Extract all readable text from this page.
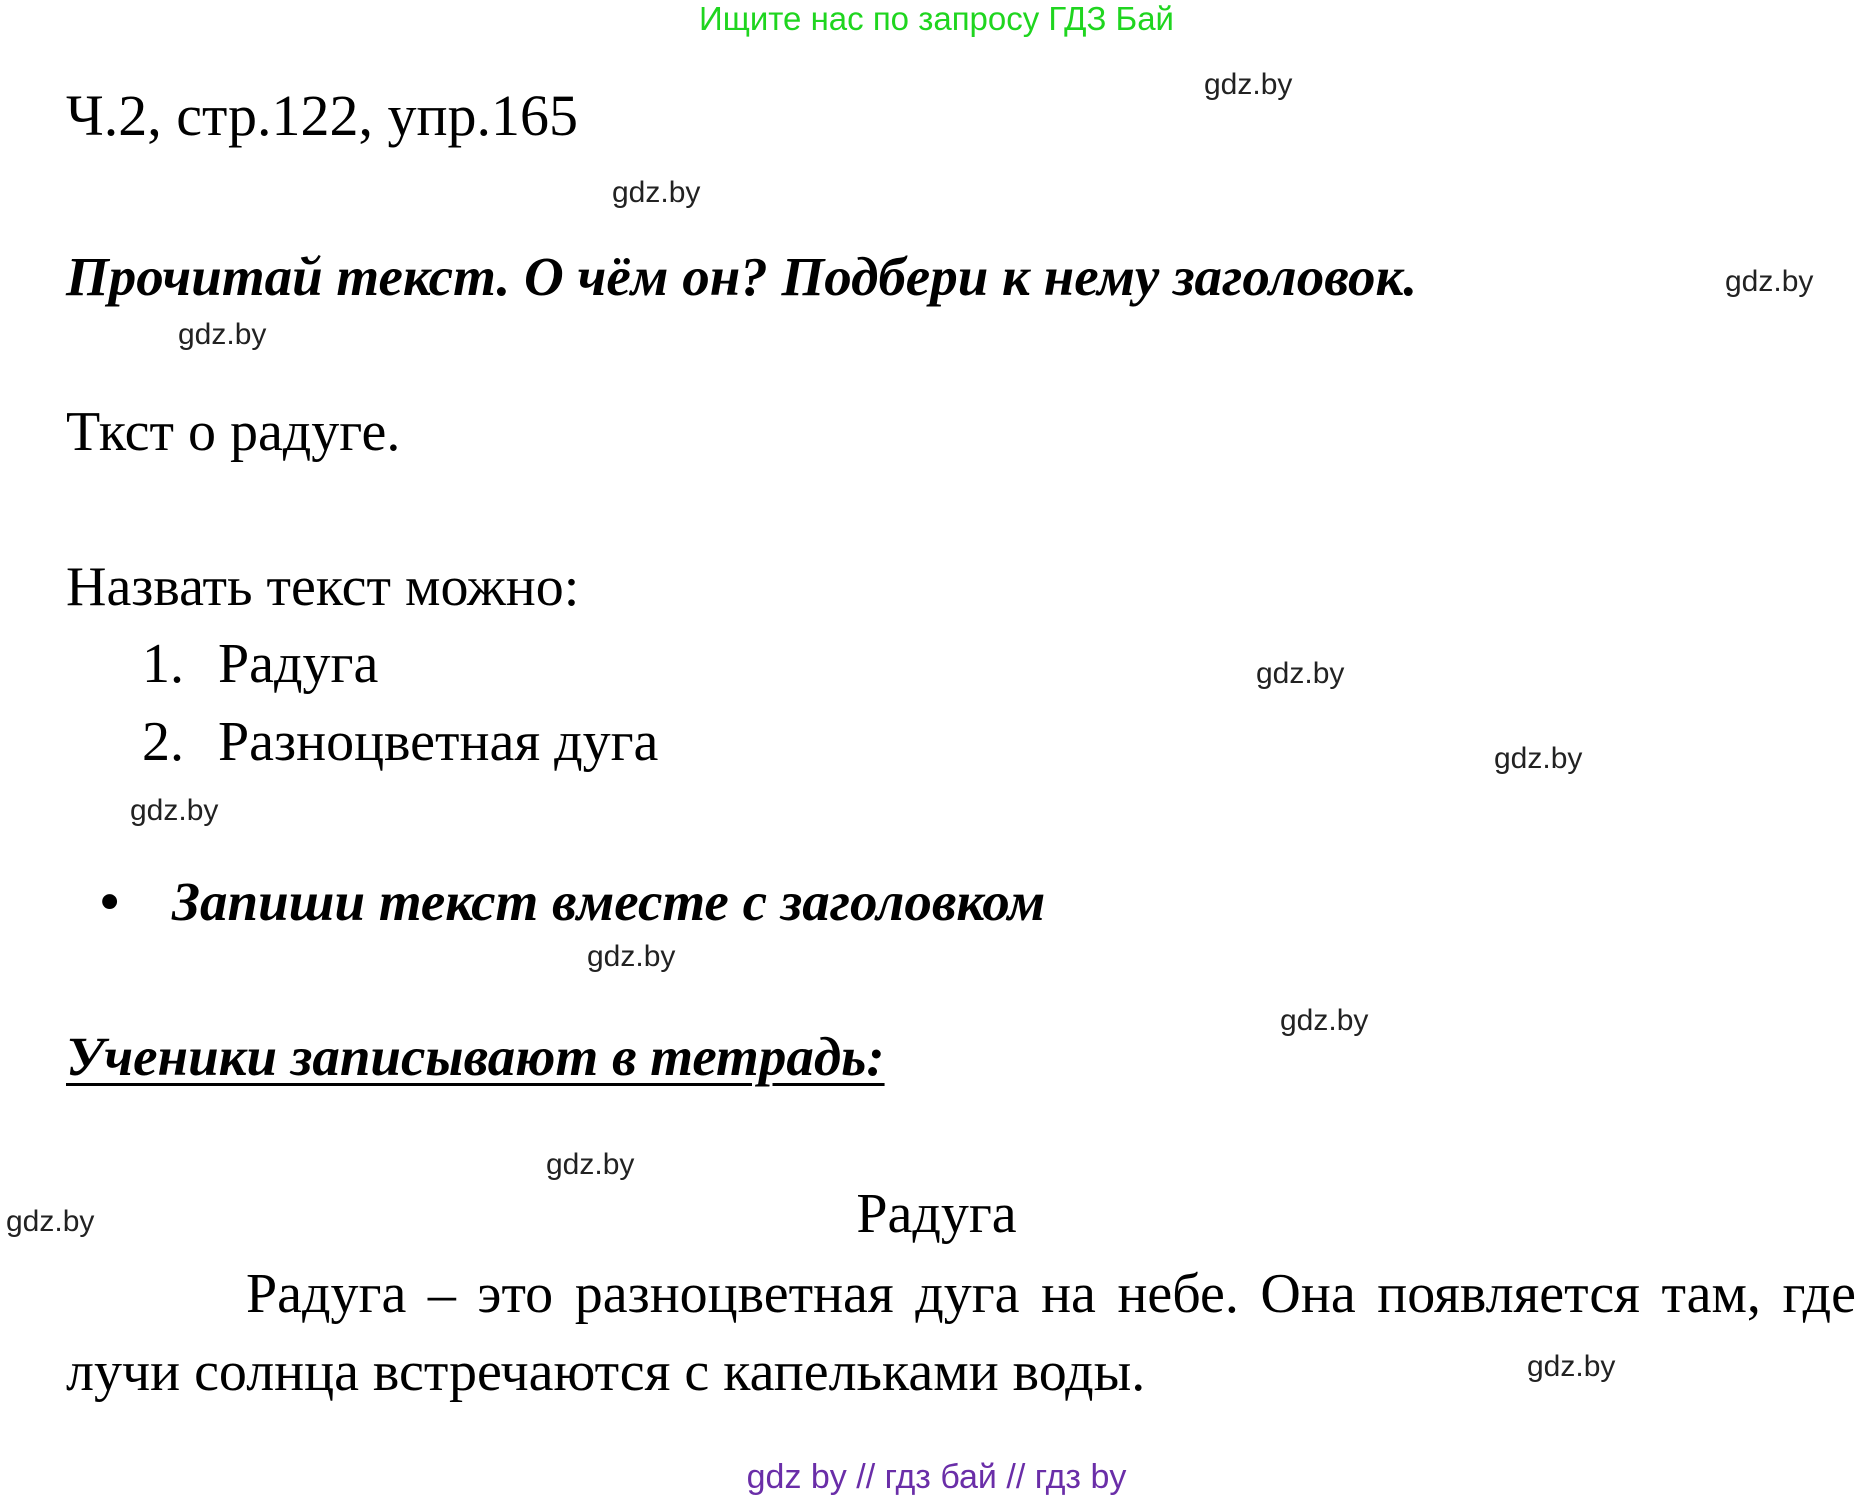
Ищите нас по запросу ГДЗ Бай
Ч.2, стр.122, упр.165
Прочитай текст. О чём он? Подбери к нему заголовок.
Ткст о радуге.
Назвать текст можно:
1. Радуга
2. Разноцветная дуга
• Запиши текст вместе с заголовком
Ученики записывают в тетрадь:
Радуга
Радуга – это разноцветная дуга на небе. Она появляется там, где лучи солнца встречаются с капельками воды.
gdz.by
gdz.by
gdz.by
gdz.by
gdz.by
gdz.by
gdz.by
gdz.by
gdz.by
gdz.by
gdz.by
gdz.by
gdz by // гдз бай // гдз by
